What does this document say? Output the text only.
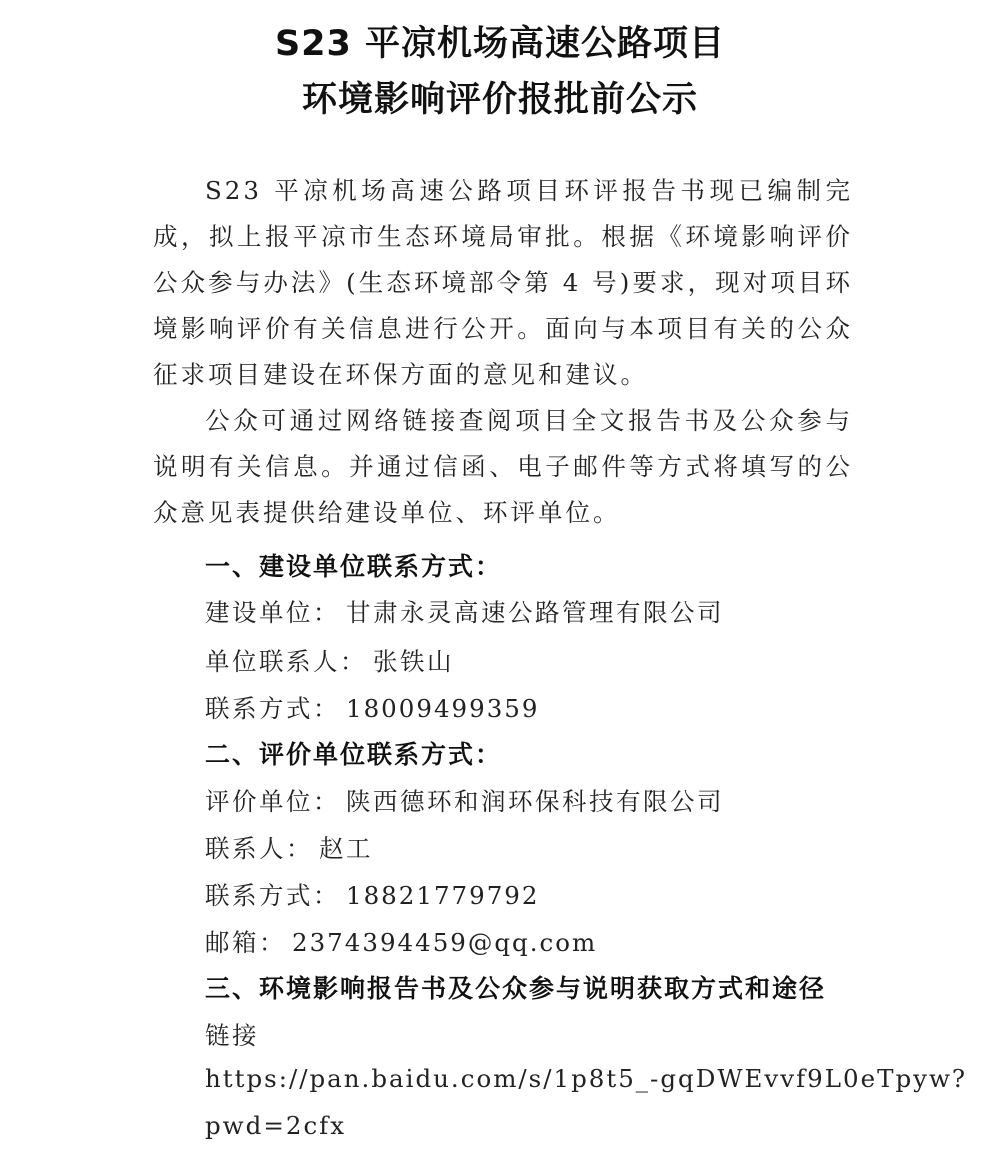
S23 平凉机场高速公路项目
环境影响评价报批前公示

S23 平凉机场高速公路项目环评报告书现已编制完成，拟上报平凉市生态环境局审批。根据《环境影响评价公众参与办法》(生态环境部令第 4 号)要求，现对项目环境影响评价有关信息进行公开。面向与本项目有关的公众征求项目建设在环保方面的意见和建议。

公众可通过网络链接查阅项目全文报告书及公众参与说明有关信息。并通过信函、电子邮件等方式将填写的公众意见表提供给建设单位、环评单位。

一、建设单位联系方式：
建设单位： 甘肃永灵高速公路管理有限公司
单位联系人： 张铁山
联系方式： 18009499359
二、评价单位联系方式：
评价单位： 陕西德环和润环保科技有限公司
联系人： 赵工
联系方式： 18821779792
邮箱： 2374394459@qq.com
三、环境影响报告书及公众参与说明获取方式和途径
链接
https://pan.baidu.com/s/1p8t5_-gqDWEvvf9L0eTpyw?
pwd=2cfx
